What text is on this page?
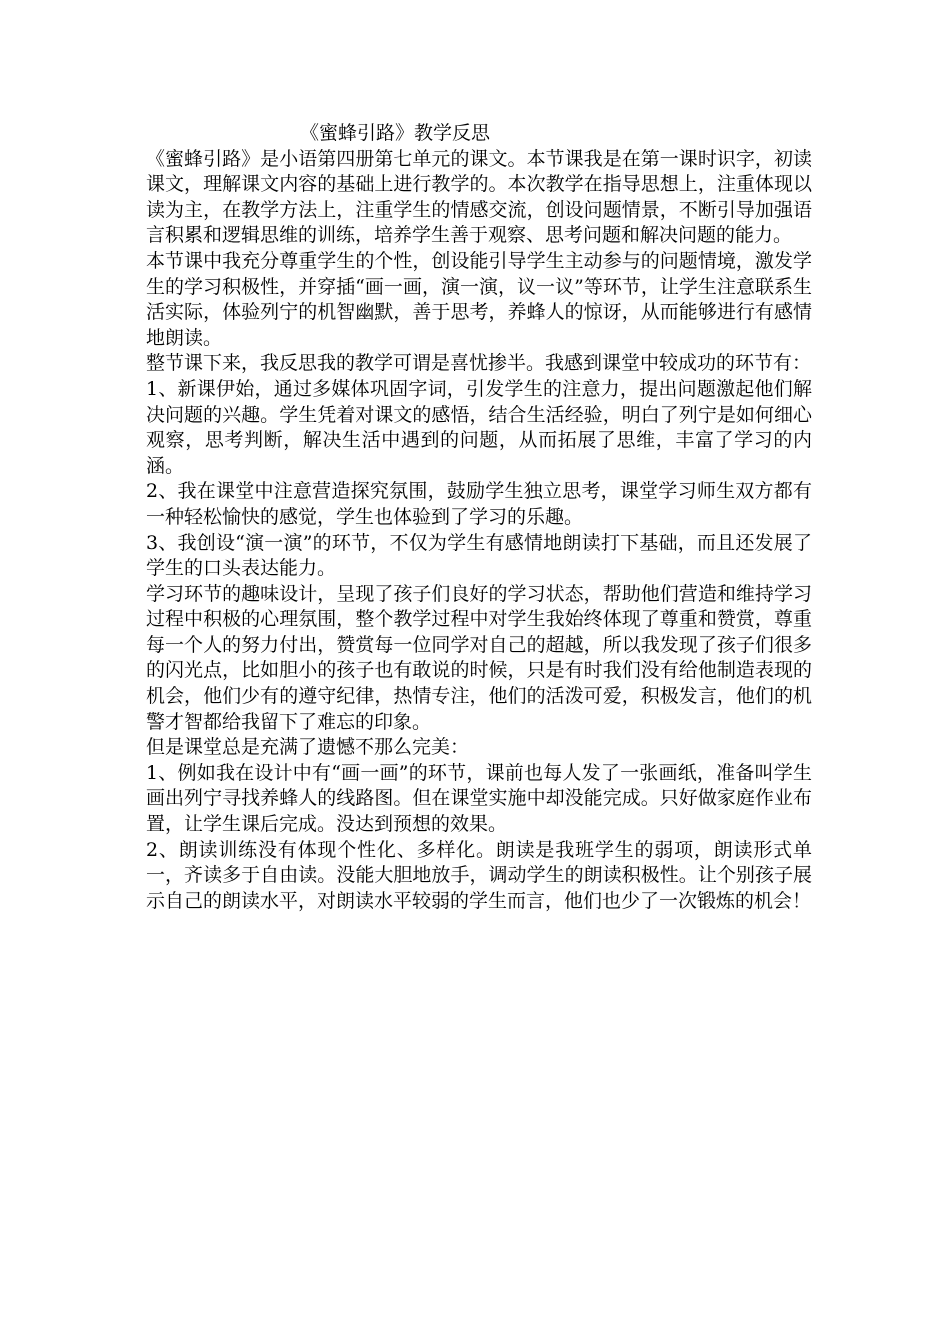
《蜜蜂引路》教学反思

《蜜蜂引路》是小语第四册第七单元的课文。本节课我是在第一课时识字，初读课文，理解课文内容的基础上进行教学的。本次教学在指导思想上，注重体现以读为主，在教学方法上，注重学生的情感交流，创设问题情景，不断引导加强语言积累和逻辑思维的训练，培养学生善于观察、思考问题和解决问题的能力。

本节课中我充分尊重学生的个性，创设能引导学生主动参与的问题情境，激发学生的学习积极性，并穿插“画一画，演一演，议一议”等环节，让学生注意联系生活实际，体验列宁的机智幽默，善于思考，养蜂人的惊讶，从而能够进行有感情地朗读。

整节课下来，我反思我的教学可谓是喜忧掺半。我感到课堂中较成功的环节有：

1、新课伊始，通过多媒体巩固字词，引发学生的注意力，提出问题激起他们解决问题的兴趣。学生凭着对课文的感悟，结合生活经验，明白了列宁是如何细心观察，思考判断，解决生活中遇到的问题，从而拓展了思维，丰富了学习的内涵。

2、我在课堂中注意营造探究氛围，鼓励学生独立思考，课堂学习师生双方都有一种轻松愉快的感觉，学生也体验到了学习的乐趣。

3、我创设“演一演”的环节，不仅为学生有感情地朗读打下基础，而且还发展了学生的口头表达能力。

学习环节的趣味设计，呈现了孩子们良好的学习状态，帮助他们营造和维持学习过程中积极的心理氛围，整个教学过程中对学生我始终体现了尊重和赞赏，尊重每一个人的努力付出，赞赏每一位同学对自己的超越，所以我发现了孩子们很多的闪光点，比如胆小的孩子也有敢说的时候，只是有时我们没有给他制造表现的机会，他们少有的遵守纪律，热情专注，他们的活泼可爱，积极发言，他们的机警才智都给我留下了难忘的印象。

但是课堂总是充满了遗憾不那么完美：

1、例如我在设计中有“画一画”的环节，课前也每人发了一张画纸，准备叫学生画出列宁寻找养蜂人的线路图。但在课堂实施中却没能完成。只好做家庭作业布置，让学生课后完成。没达到预想的效果。

2、朗读训练没有体现个性化、多样化。朗读是我班学生的弱项，朗读形式单一，齐读多于自由读。没能大胆地放手，调动学生的朗读积极性。让个别孩子展示自己的朗读水平，对朗读水平较弱的学生而言，他们也少了一次锻炼的机会！
